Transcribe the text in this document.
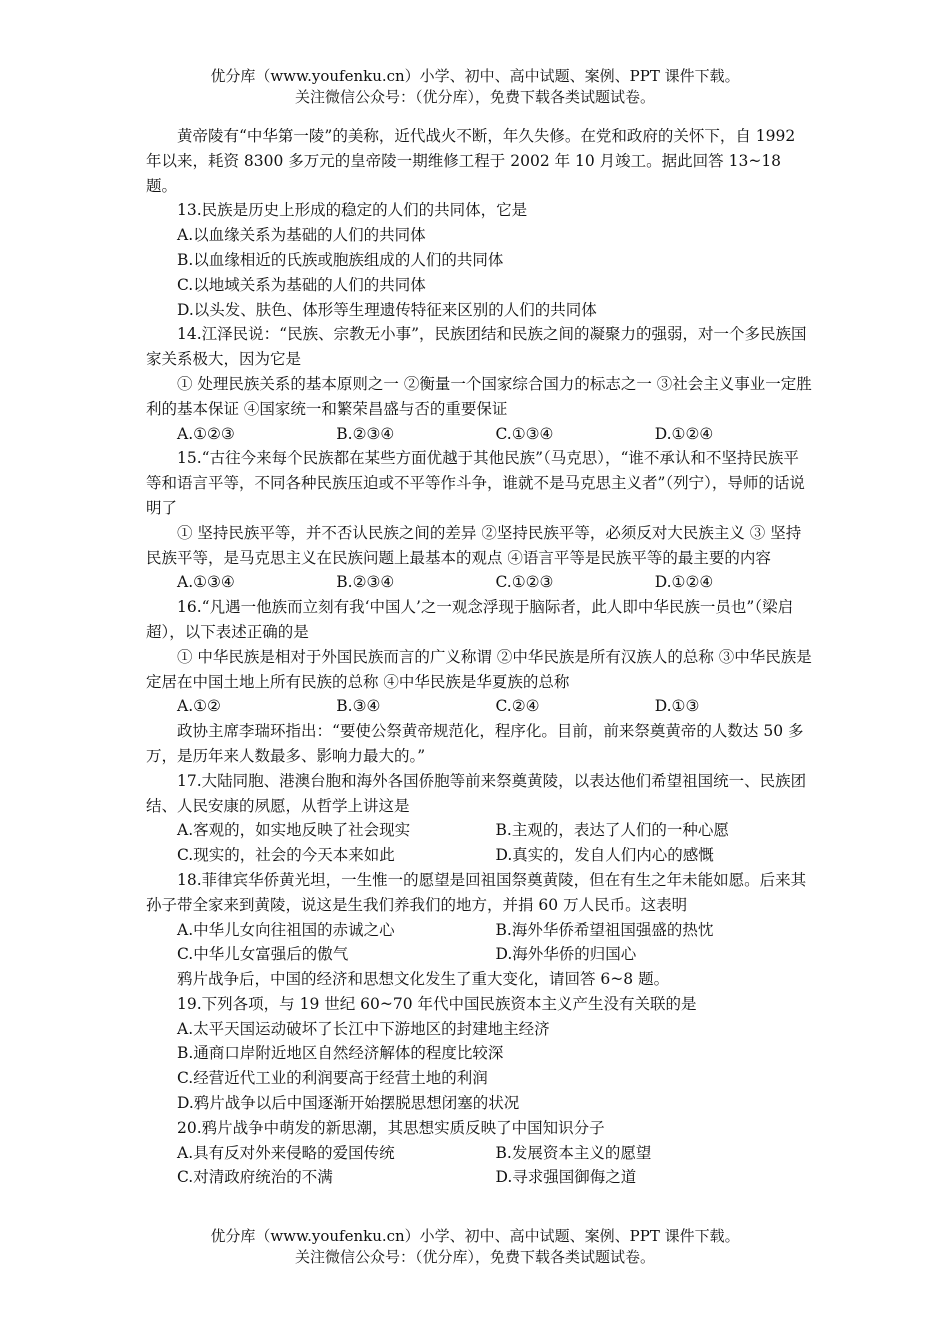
优分库（www.youfenku.cn）小学、初中、高中试题、案例、PPT 课件下载。
关注微信公众号：（优分库），免费下载各类试题试卷。

黄帝陵有“中华第一陵”的美称，近代战火不断，年久失修。在党和政府的关怀下，自 1992 年以来，耗资 8300 多万元的皇帝陵一期维修工程于 2002 年 10 月竣工。据此回答 13~18 题。

13.民族是历史上形成的稳定的人们的共同体，它是

A.以血缘关系为基础的人们的共同体

B.以血缘相近的氏族或胞族组成的人们的共同体

C.以地域关系为基础的人们的共同体

D.以头发、肤色、体形等生理遗传特征来区别的人们的共同体

14.江泽民说：“民族、宗教无小事”，民族团结和民族之间的凝聚力的强弱，对一个多民族国家关系极大，因为它是

① 处理民族关系的基本原则之一 ②衡量一个国家综合国力的标志之一 ③社会主义事业一定胜利的基本保证 ④国家统一和繁荣昌盛与否的重要保证

A.①②③	B.②③④	C.①③④	D.①②④

15.“古往今来每个民族都在某些方面优越于其他民族”（马克思），“谁不承认和不坚持民族平等和语言平等，不同各种民族压迫或不平等作斗争，谁就不是马克思主义者”（列宁），导师的话说明了

① 坚持民族平等，并不否认民族之间的差异 ②坚持民族平等，必须反对大民族主义 ③ 坚持民族平等，是马克思主义在民族问题上最基本的观点 ④语言平等是民族平等的最主要的内容

A.①③④	B.②③④	C.①②③	D.①②④

16.“凡遇一他族而立刻有我‘中国人’之一观念浮现于脑际者，此人即中华民族一员也”（梁启超），以下表述正确的是

① 中华民族是相对于外国民族而言的广义称谓 ②中华民族是所有汉族人的总称 ③中华民族是定居在中国土地上所有民族的总称 ④中华民族是华夏族的总称

A.①②	B.③④	C.②④	D.①③

政协主席李瑞环指出：“要使公祭黄帝规范化，程序化。目前，前来祭奠黄帝的人数达 50 多万，是历年来人数最多、影响力最大的。”

17.大陆同胞、港澳台胞和海外各国侨胞等前来祭奠黄陵，以表达他们希望祖国统一、民族团结、人民安康的夙愿，从哲学上讲这是

A.客观的，如实地反映了社会现实	B.主观的，表达了人们的一种心愿
C.现实的，社会的今天本来如此	D.真实的，发自人们内心的感慨

18.菲律宾华侨黄光坦，一生惟一的愿望是回祖国祭奠黄陵，但在有生之年未能如愿。后来其孙子带全家来到黄陵，说这是生我们养我们的地方，并捐 60 万人民币。这表明

A.中华儿女向往祖国的赤诚之心	B.海外华侨希望祖国强盛的热忱
C.中华儿女富强后的傲气	D.海外华侨的归国心

鸦片战争后，中国的经济和思想文化发生了重大变化，请回答 6~8 题。

19.下列各项，与 19 世纪 60~70 年代中国民族资本主义产生没有关联的是

A.太平天国运动破坏了长江中下游地区的封建地主经济

B.通商口岸附近地区自然经济解体的程度比较深

C.经营近代工业的利润要高于经营土地的利润

D.鸦片战争以后中国逐渐开始摆脱思想闭塞的状况

20.鸦片战争中萌发的新思潮，其思想实质反映了中国知识分子

A.具有反对外来侵略的爱国传统	B.发展资本主义的愿望
C.对清政府统治的不满	D.寻求强国御侮之道
优分库（www.youfenku.cn）小学、初中、高中试题、案例、PPT 课件下载。
关注微信公众号：（优分库），免费下载各类试题试卷。
